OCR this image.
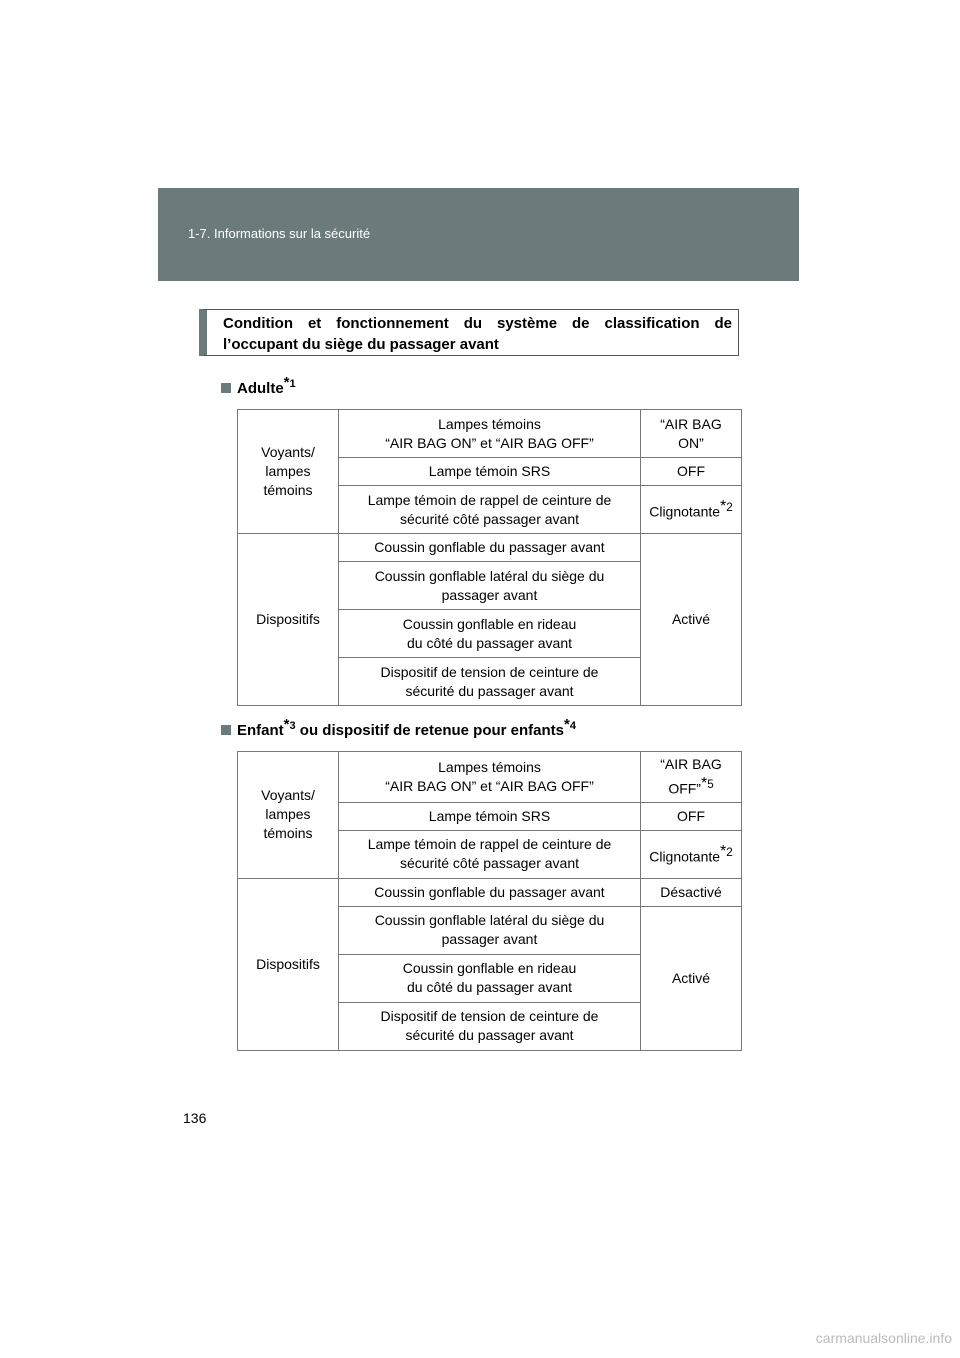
1-7. Informations sur la sécurité
Condition et fonctionnement du système de classification de l’occupant du siège du passager avant
Adulte$^{*1}$
Voyants/
lampes
témoins	Lampes témoins
“AIR BAG ON” et “AIR BAG OFF”	“AIR BAG
ON”
	Lampe témoin SRS	OFF
	Lampe témoin de rappel de ceinture de
sécurité côté passager avant	Clignotante$^{*2}$
Dispositifs	Coussin gonflable du passager avant	Activé
	Coussin gonflable latéral du siège du
passager avant	
	Coussin gonflable en rideau
du côté du passager avant	
	Dispositif de tension de ceinture de
sécurité du passager avant	
Enfant$^{*3}$ ou dispositif de retenue pour enfants$^{*4}$
Voyants/
lampes
témoins	Lampes témoins
“AIR BAG ON” et “AIR BAG OFF”	“AIR BAG
OFF”$^{*5}$
	Lampe témoin SRS	OFF
	Lampe témoin de rappel de ceinture de
sécurité côté passager avant	Clignotante$^{*2}$
Dispositifs	Coussin gonflable du passager avant	Désactivé
	Coussin gonflable latéral du siège du
passager avant	Activé
	Coussin gonflable en rideau
du côté du passager avant	
	Dispositif de tension de ceinture de
sécurité du passager avant	
136
carmanualsonline.info
